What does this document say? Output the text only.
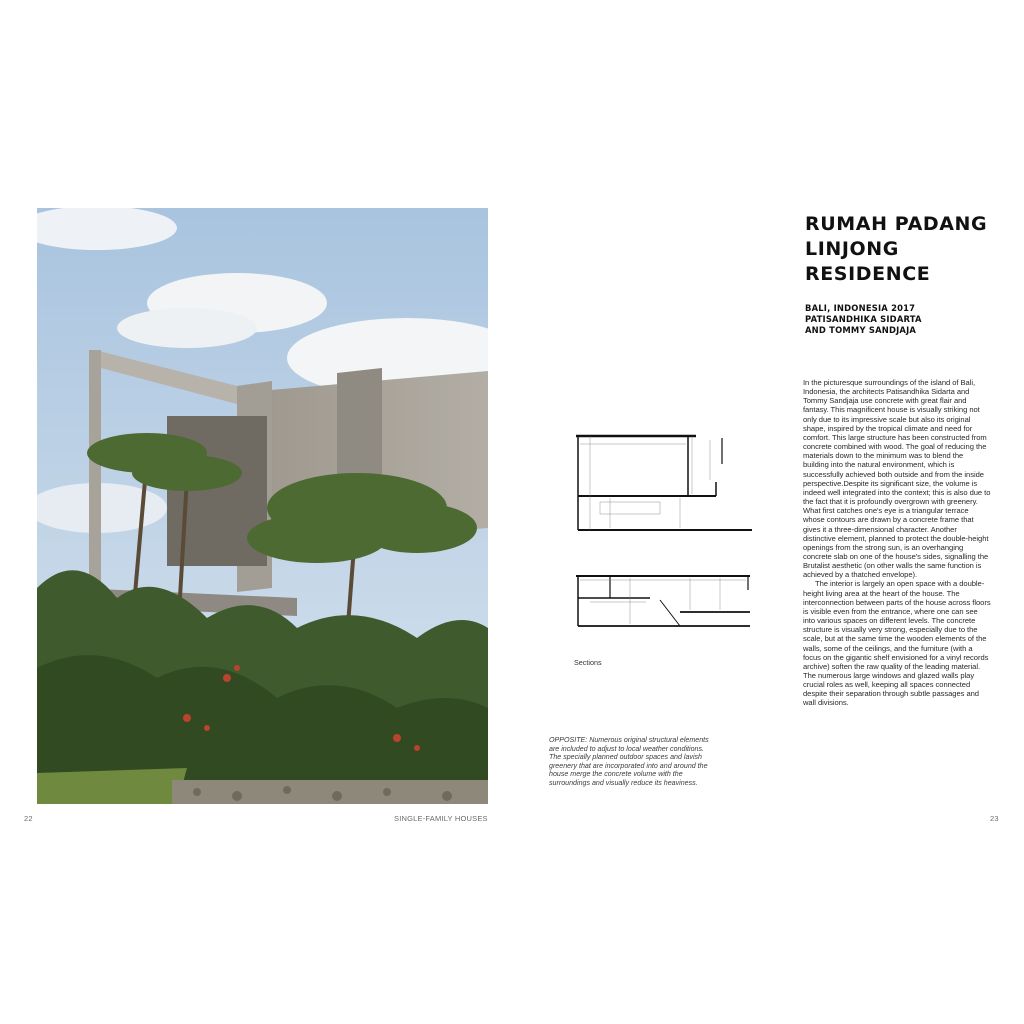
22	SINGLE-FAMILY HOUSES
RUMAH PADANG
LINJONG
RESIDENCE
BALI, INDONESIA 2017
PATISANDHIKA SIDARTA
AND TOMMY SANDJAJA
Sections
OPPOSITE: Numerous original structural elements are included to adjust to local weather conditions. The specially planned outdoor spaces and lavish greenery that are incorporated into and around the house merge the concrete volume with the surroundings and visually reduce its heaviness.

In the picturesque surroundings of the island of Bali, Indonesia, the architects Patisandhika Sidarta and Tommy Sandjaja use concrete with great flair and fantasy. This magnificent house is visually striking not only due to its impressive scale but also its original shape, inspired by the tropical climate and need for comfort. This large structure has been constructed from concrete combined with wood. The goal of reducing the materials down to the minimum was to blend the building into the natural environment, which is successfully achieved both outside and from the inside perspective.Despite its significant size, the volume is indeed well integrated into the context; this is also due to the fact that it is profoundly overgrown with greenery. What first catches one's eye is a triangular terrace whose contours are drawn by a concrete frame that gives it a three-dimensional character. Another distinctive element, planned to protect the double-height openings from the strong sun, is an overhanging concrete slab on one of the house's sides, signalling the Brutalist aesthetic (on other walls the same function is achieved by a thatched envelope).

The interior is largely an open space with a double-height living area at the heart of the house. The interconnection between parts of the house across floors is visible even from the entrance, where one can see into various spaces on different levels. The concrete structure is visually very strong, especially due to the scale, but at the same time the wooden elements of the walls, some of the ceilings, and the furniture (with a focus on the gigantic shelf envisioned for a vinyl records archive) soften the raw quality of the leading material. The numerous large windows and glazed walls play crucial roles as well, keeping all spaces connected despite their separation through subtle passages and wall divisions.

23
